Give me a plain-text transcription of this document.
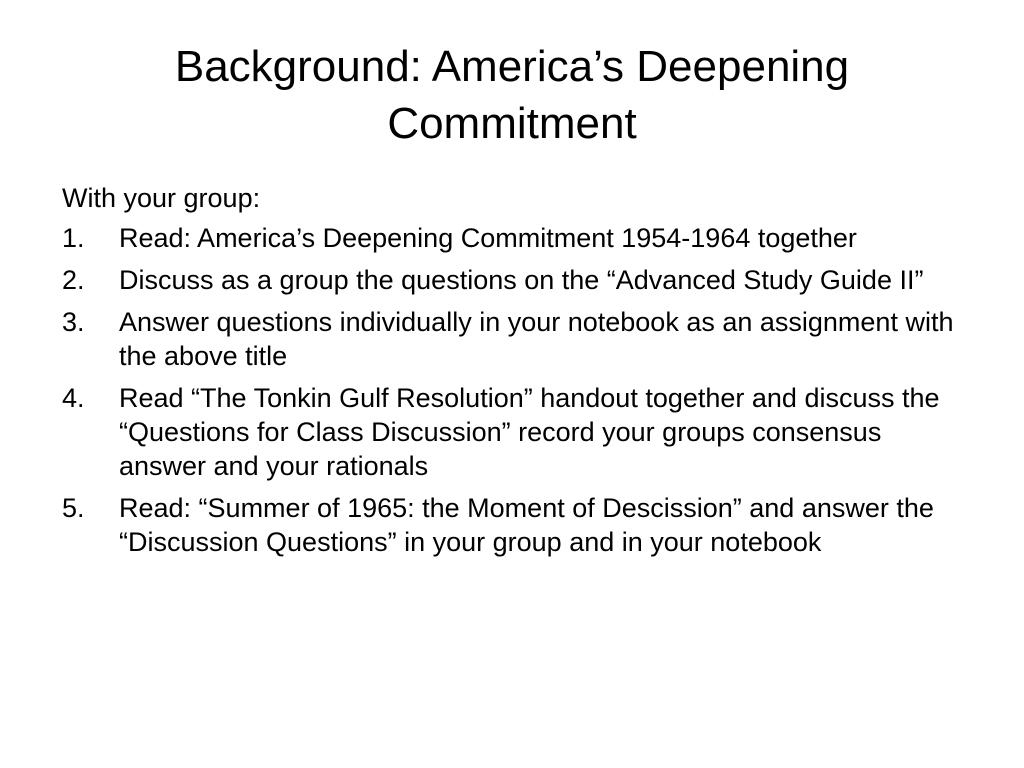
Background: America’s Deepening Commitment

With your group:

1.	Read: America’s Deepening Commitment 1954-1964 together
2.	Discuss as a group the questions on the “Advanced Study Guide II”
3.	Answer questions individually in your notebook as an assignment with the above title
4.	Read “The Tonkin Gulf Resolution” handout together and discuss the “Questions for Class Discussion” record your groups consensus answer and your rationals
5.	Read: “Summer of 1965: the Moment of Descission” and answer the “Discussion Questions” in your group and in your notebook
